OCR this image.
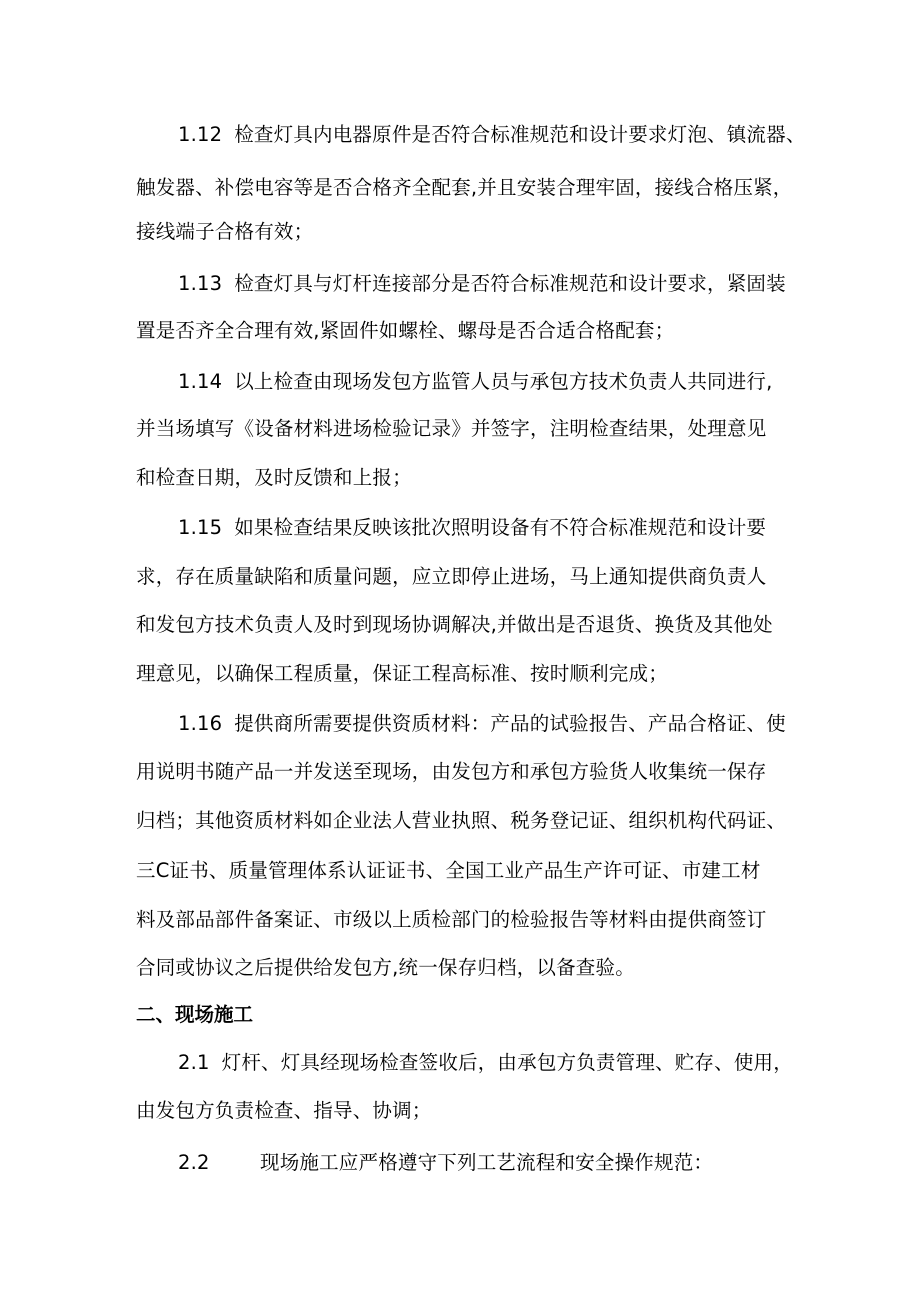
1.12 检查灯具内电器原件是否符合标准规范和设计要求灯泡、镇流器、
触发器、补偿电容等是否合格齐全配套,并且安装合理牢固，接线合格压紧，
接线端子合格有效；
1.13 检查灯具与灯杆连接部分是否符合标准规范和设计要求，紧固装
置是否齐全合理有效,紧固件如螺栓、螺母是否合适合格配套；
1.14 以上检查由现场发包方监管人员与承包方技术负责人共同进行,
并当场填写《设备材料进场检验记录》并签字，注明检查结果，处理意见
和检查日期，及时反馈和上报；
1.15 如果检查结果反映该批次照明设备有不符合标准规范和设计要
求，存在质量缺陷和质量问题，应立即停止进场，马上通知提供商负责人
和发包方技术负责人及时到现场协调解决,并做出是否退货、换货及其他处
理意见，以确保工程质量，保证工程高标准、按时顺利完成；
1.16 提供商所需要提供资质材料：产品的试验报告、产品合格证、使
用说明书随产品一并发送至现场，由发包方和承包方验货人收集统一保存
归档；其他资质材料如企业法人营业执照、税务登记证、组织机构代码证、
三C证书、质量管理体系认证证书、全国工业产品生产许可证、市建工材
料及部品部件备案证、市级以上质检部门的检验报告等材料由提供商签订
合同或协议之后提供给发包方,统一保存归档，以备查验。
二、现场施工
2.1 灯杆、灯具经现场检查签收后，由承包方负责管理、贮存、使用，
由发包方负责检查、指导、协调；
2.2	现场施工应严格遵守下列工艺流程和安全操作规范：
